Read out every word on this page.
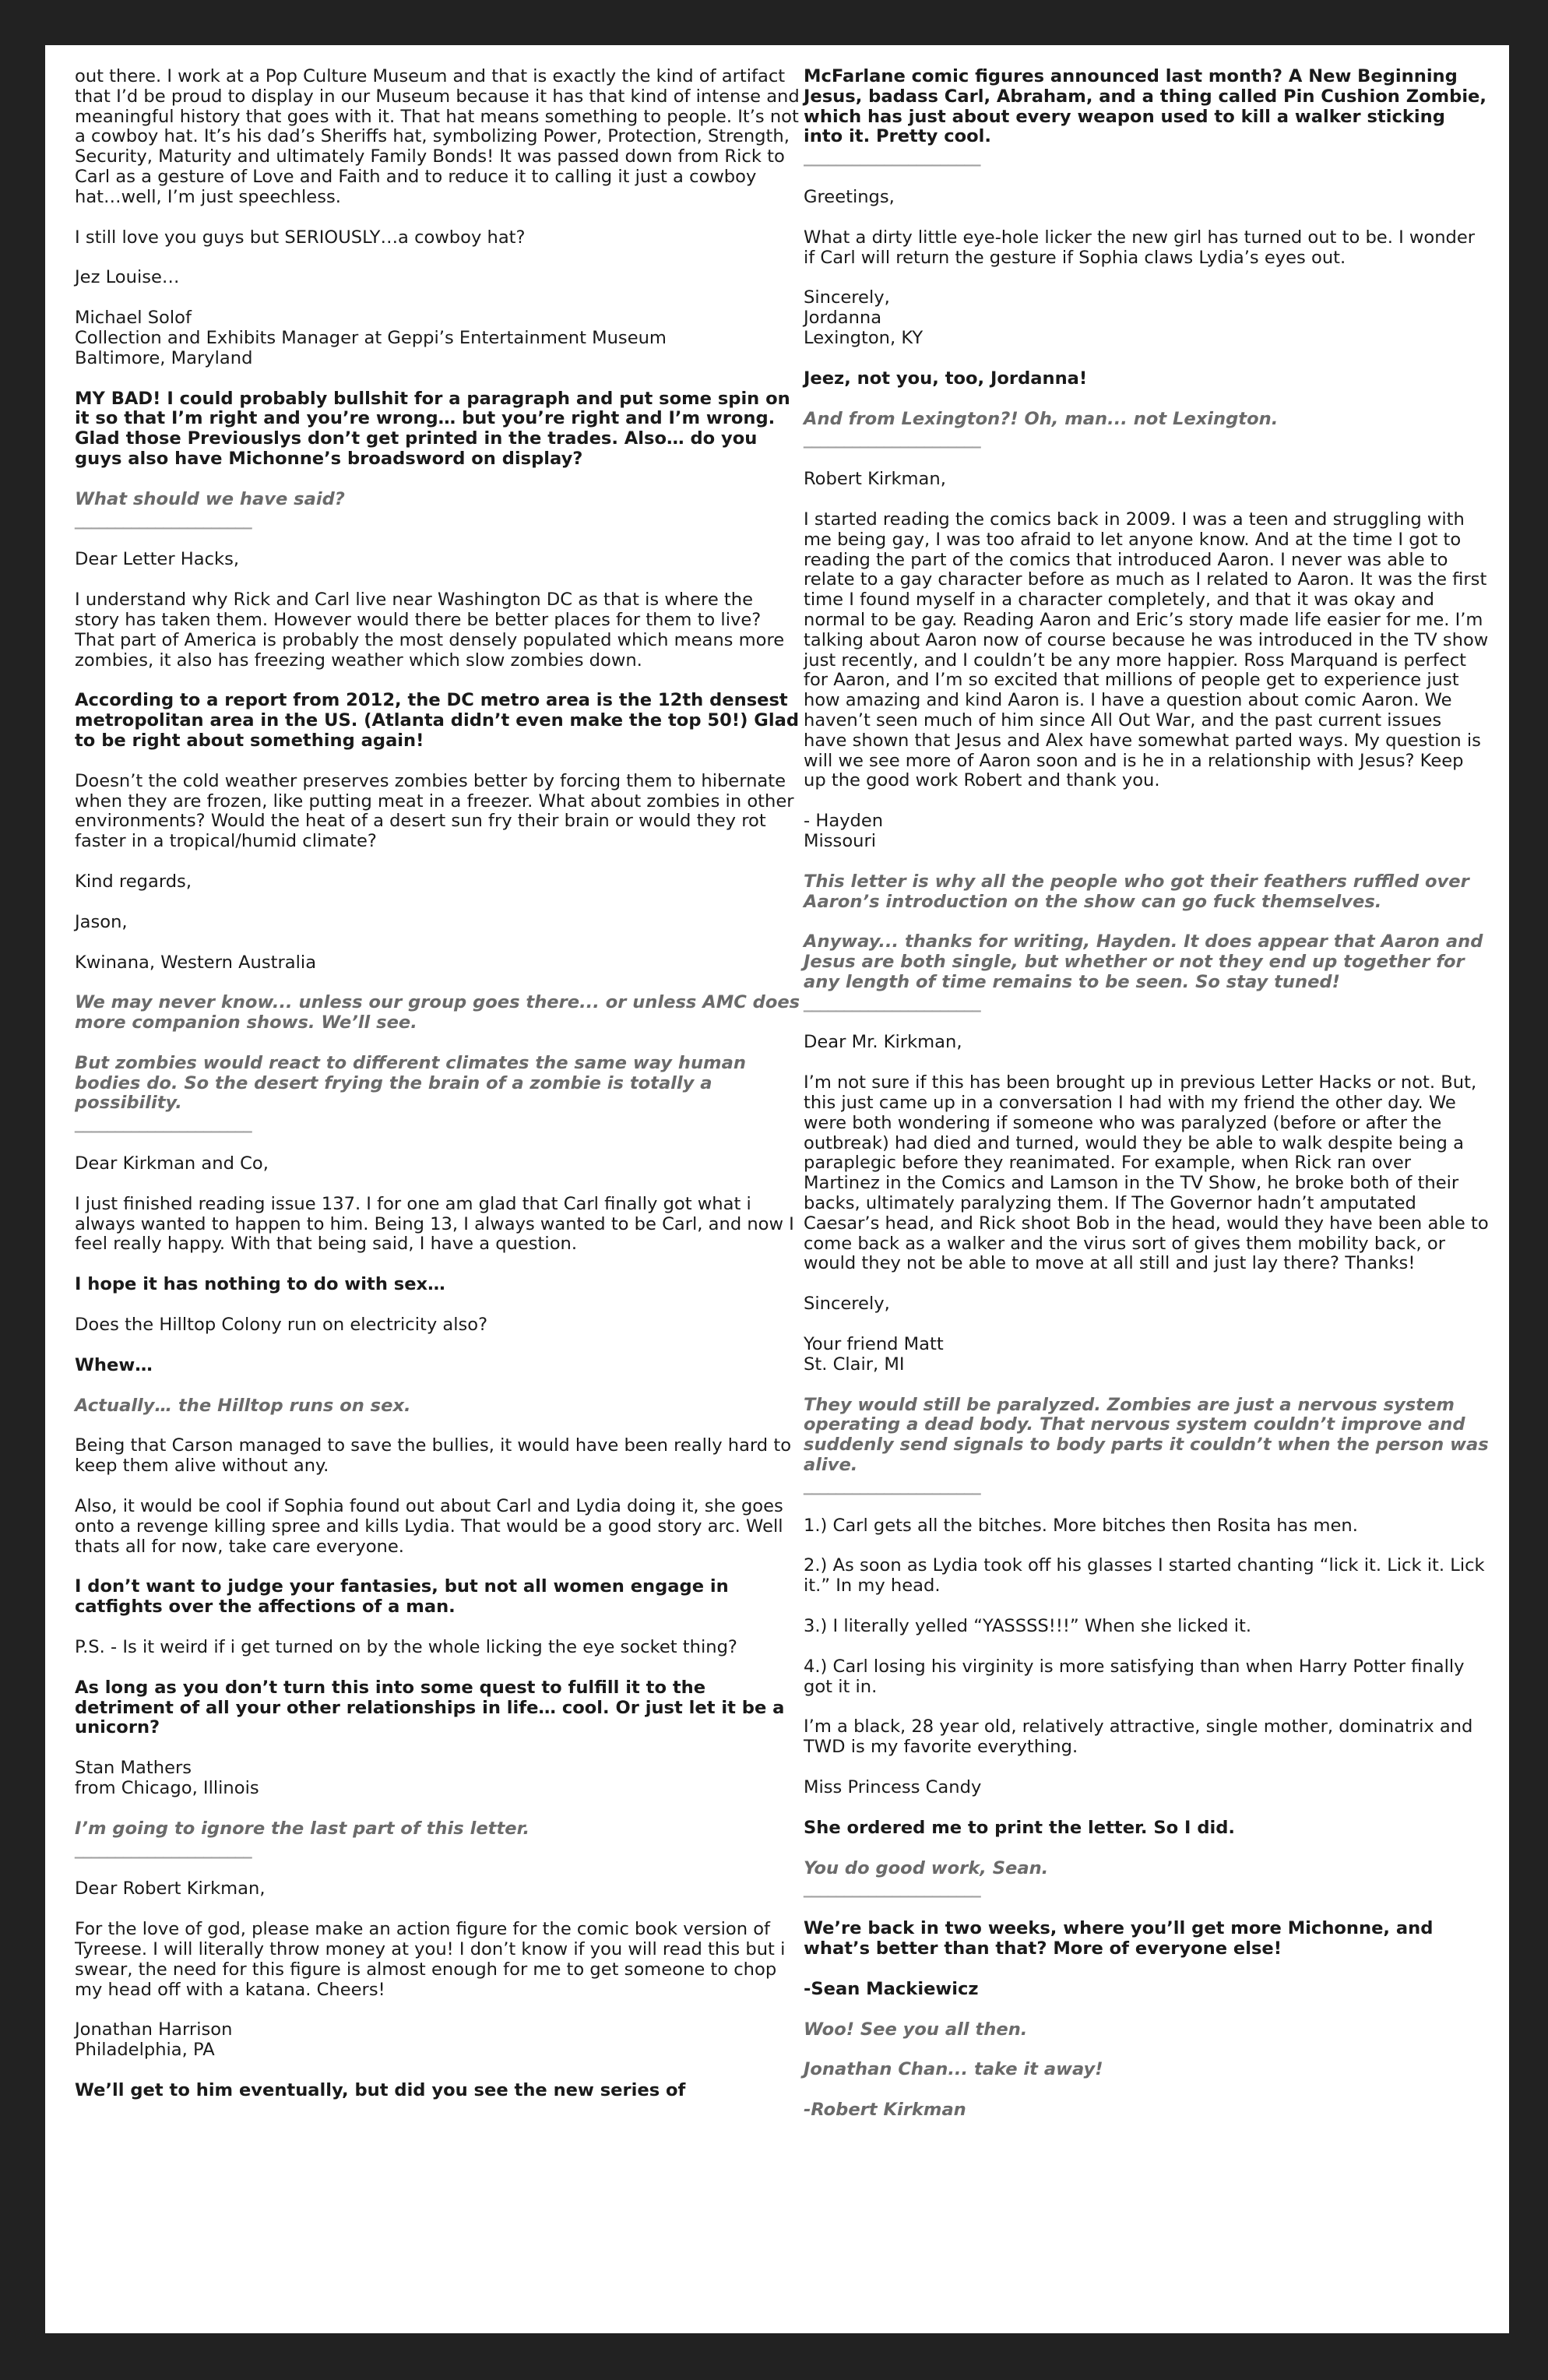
out there. I work at a Pop Culture Museum and that is exactly the kind of artifact that I’d be proud to display in our Museum because it has that kind of intense and meaningful history that goes with it. That hat means something to people. It’s not a cowboy hat. It’s his dad’s Sheriffs hat, symbolizing Power, Protection, Strength, Security, Maturity and ultimately Family Bonds! It was passed down from Rick to Carl as a gesture of Love and Faith and to reduce it to calling it just a cowboy hat…well, I’m just speechless.

I still love you guys but SERIOUSLY…a cowboy hat?

Jez Louise…

Michael Solof
Collection and Exhibits Manager at Geppi’s Entertainment Museum
Baltimore, Maryland

MY BAD! I could probably bullshit for a paragraph and put some spin on it so that I’m right and you’re wrong… but you’re right and I’m wrong. Glad those Previouslys don’t get printed in the trades. Also… do you guys also have Michonne’s broadsword on display?

What should we have said?
______________________

Dear Letter Hacks,

I understand why Rick and Carl live near Washington DC as that is where the story has taken them. However would there be better places for them to live? That part of America is probably the most densely populated which means more zombies, it also has freezing weather which slow zombies down.

According to a report from 2012, the DC metro area is the 12th densest metropolitan area in the US. (Atlanta didn’t even make the top 50!) Glad to be right about something again!

Doesn’t the cold weather preserves zombies better by forcing them to hibernate when they are frozen, like putting meat in a freezer. What about zombies in other environments? Would the heat of a desert sun fry their brain or would they rot faster in a tropical/humid climate?

Kind regards,

Jason,

Kwinana, Western Australia

We may never know... unless our group goes there... or unless AMC does more companion shows. We’ll see.

But zombies would react to different climates the same way human bodies do. So the desert frying the brain of a zombie is totally a possibility.
______________________

Dear Kirkman and Co,

I just finished reading issue 137. I for one am glad that Carl finally got what i always wanted to happen to him. Being 13, I always wanted to be Carl, and now I feel really happy. With that being said, I have a question.

I hope it has nothing to do with sex…

Does the Hilltop Colony run on electricity also?

Whew…

Actually… the Hilltop runs on sex.

Being that Carson managed to save the bullies, it would have been really hard to keep them alive without any.

Also, it would be cool if Sophia found out about Carl and Lydia doing it, she goes onto a revenge killing spree and kills Lydia. That would be a good story arc. Well thats all for now, take care everyone.

I don’t want to judge your fantasies, but not all women engage in catfights over the affections of a man.

P.S. - Is it weird if i get turned on by the whole licking the eye socket thing?

As long as you don’t turn this into some quest to fulfill it to the detriment of all your other relationships in life… cool. Or just let it be a unicorn?

Stan Mathers
from Chicago, Illinois

I’m going to ignore the last part of this letter.
______________________

Dear Robert Kirkman,

For the love of god, please make an action figure for the comic book version of Tyreese. I will literally throw money at you! I don’t know if you will read this but i swear, the need for this figure is almost enough for me to get someone to chop my head off with a katana. Cheers!

Jonathan Harrison
Philadelphia, PA

We’ll get to him eventually, but did you see the new series of

McFarlane comic figures announced last month? A New Beginning Jesus, badass Carl, Abraham, and a thing called Pin Cushion Zombie, which has just about every weapon used to kill a walker sticking into it. Pretty cool.
______________________

Greetings,

What a dirty little eye-hole licker the new girl has turned out to be. I wonder if Carl will return the gesture if Sophia claws Lydia’s eyes out.

Sincerely,
Jordanna
Lexington, KY

Jeez, not you, too, Jordanna!

And from Lexington?! Oh, man... not Lexington.
______________________

Robert Kirkman,

I started reading the comics back in 2009. I was a teen and struggling with me being gay, I was too afraid to let anyone know. And at the time I got to reading the part of the comics that introduced Aaron. I never was able to relate to a gay character before as much as I related to Aaron. It was the first time I found myself in a character completely, and that it was okay and normal to be gay. Reading Aaron and Eric’s story made life easier for me. I’m talking about Aaron now of course because he was introduced in the TV show just recently, and I couldn’t be any more happier. Ross Marquand is perfect for Aaron, and I’m so excited that millions of people get to experience just how amazing and kind Aaron is. I have a question about comic Aaron. We haven’t seen much of him since All Out War, and the past current issues have shown that Jesus and Alex have somewhat parted ways. My question is will we see more of Aaron soon and is he in a relationship with Jesus? Keep up the good work Robert and thank you.

- Hayden
Missouri

This letter is why all the people who got their feathers ruffled over Aaron’s introduction on the show can go fuck themselves.

Anyway... thanks for writing, Hayden. It does appear that Aaron and Jesus are both single, but whether or not they end up together for any length of time remains to be seen. So stay tuned!
______________________

Dear Mr. Kirkman,

I’m not sure if this has been brought up in previous Letter Hacks or not. But, this just came up in a conversation I had with my friend the other day. We were both wondering if someone who was paralyzed (before or after the outbreak) had died and turned, would they be able to walk despite being a paraplegic before they reanimated. For example, when Rick ran over Martinez in the Comics and Lamson in the TV Show, he broke both of their backs, ultimately paralyzing them. If The Governor hadn’t amputated Caesar’s head, and Rick shoot Bob in the head, would they have been able to come back as a walker and the virus sort of gives them mobility back, or would they not be able to move at all still and just lay there? Thanks!

Sincerely,

Your friend Matt
St. Clair, MI

They would still be paralyzed. Zombies are just a nervous system operating a dead body. That nervous system couldn’t improve and suddenly send signals to body parts it couldn’t when the person was alive.
______________________

1.) Carl gets all the bitches. More bitches then Rosita has men.

2.) As soon as Lydia took off his glasses I started chanting “lick it. Lick it. Lick it.” In my head.

3.) I literally yelled “YASSSS!!!” When she licked it.

4.) Carl losing his virginity is more satisfying than when Harry Potter finally got it in.

I’m a black, 28 year old, relatively attractive, single mother, dominatrix and TWD is my favorite everything.

Miss Princess Candy

She ordered me to print the letter. So I did.

You do good work, Sean.
______________________

We’re back in two weeks, where you’ll get more Michonne, and what’s better than that? More of everyone else!

-Sean Mackiewicz

Woo! See you all then.

Jonathan Chan... take it away!

-Robert Kirkman
